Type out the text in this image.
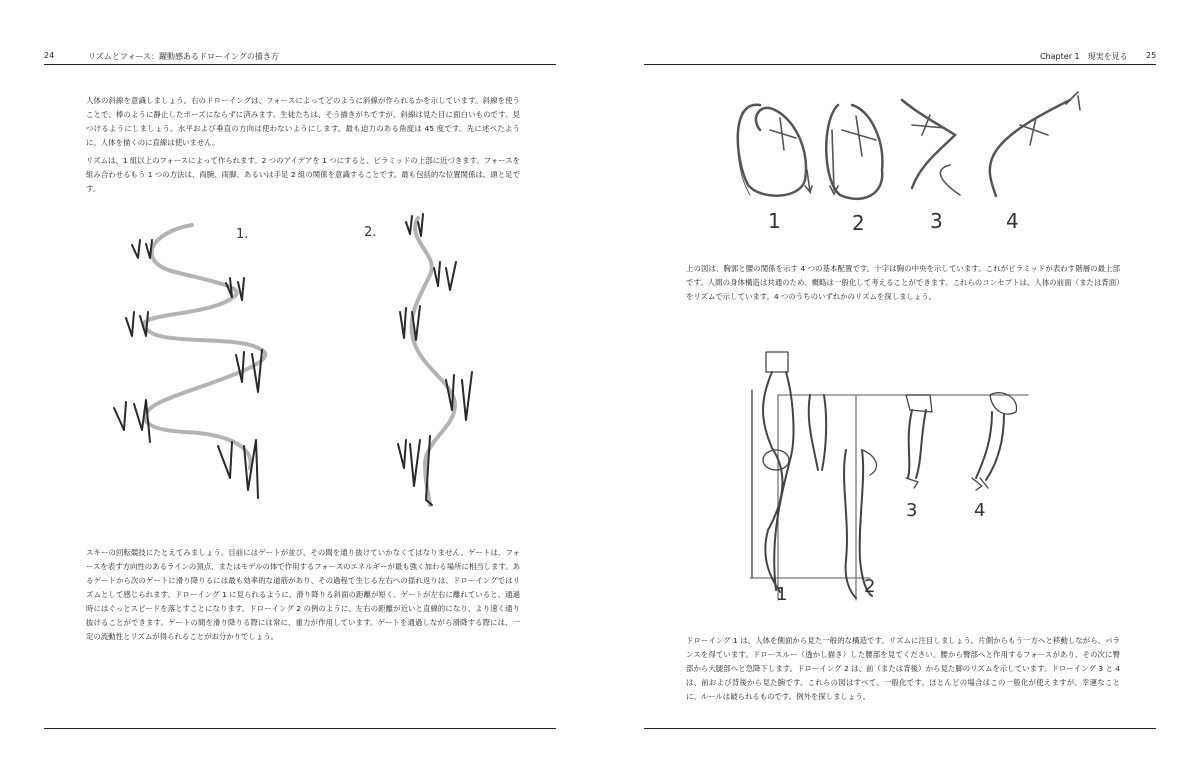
24	リズムとフォース：躍動感あるドローイングの描き方

人体の斜線を意識しましょう。右のドローイングは、フォースによってどのように斜線が作られるかを示しています。斜線を使うことで、棒のように静止したポーズにならずに済みます。生徒たちは、そう描きがちですが、斜線は見た目に面白いものです。見つけるようにしましょう。水平および垂直の方向は使わないようにします。最も迫力のある角度は 45 度です。先に述べたように、人体を描くのに直線は使いません。

リズムは、1 組以上のフォースによって作られます。2 つのアイデアを 1 つにすると、ピラミッドの上部に近づきます。フォースを組み合わせるもう 1 つの方法は、両腕、両脚、あるいは手足 2 組の関係を意識することです。最も包括的な位置関係は、頭と足です。

1.	2.

スキーの回転競技にたとえてみましょう。目前にはゲートが並び、その間を通り抜けていかなくてはなりません。ゲートは、フォースを表す方向性のあるラインの頂点、またはモデルの体で作用するフォースのエネルギーが最も強く加わる場所に相当します。あるゲートから次のゲートに滑り降りるには最も効率的な道筋があり、その過程で生じる左右への揺れ返りは、ドローイングではリズムとして感じられます。ドローイング 1 に見られるように、滑り降りる斜面の距離が短く、ゲートが左右に離れていると、通過時にはぐっとスピードを落とすことになります。ドローイング 2 の例のように、左右の距離が近いと直線的になり、より速く通り抜けることができます。ゲートの間を滑り降りる際には常に、重力が作用しています。ゲートを通過しながら滑降する際には、一定の流動性とリズムが得られることがお分かりでしょう。

Chapter 1　現実を見る 25
1	2	3	4

上の図は、胸郭と腰の関係を示す 4 つの基本配置です。十字は胸の中央を示しています。これがピラミッドが表わす階層の最上部です。人間の身体構造は共通のため、概略は一般化して考えることができます。これらのコンセプトは、人体の前面（または背面）をリズムで示しています。4 つのうちのいずれかのリズムを探しましょう。

1	2
3	4

ドローイング 1 は、人体を側面から見た一般的な構造です。リズムに注目しましょう。片側からもう一方へと移動しながら、バランスを得ています。ドロースルー（透かし描き）した腰部を見てください。腰から臀部へと作用するフォースがあり、その次に臀部から大腿部へと急降下します。ドローイング 2 は、前（または背後）から見た脚のリズムを示しています。ドローイング 3 と 4 は、前および背後から見た腕です。これらの図はすべて、一般化です。ほとんどの場合はこの一般化が使えますが、幸運なことに、ルールは破られるものです。例外を探しましょう。
